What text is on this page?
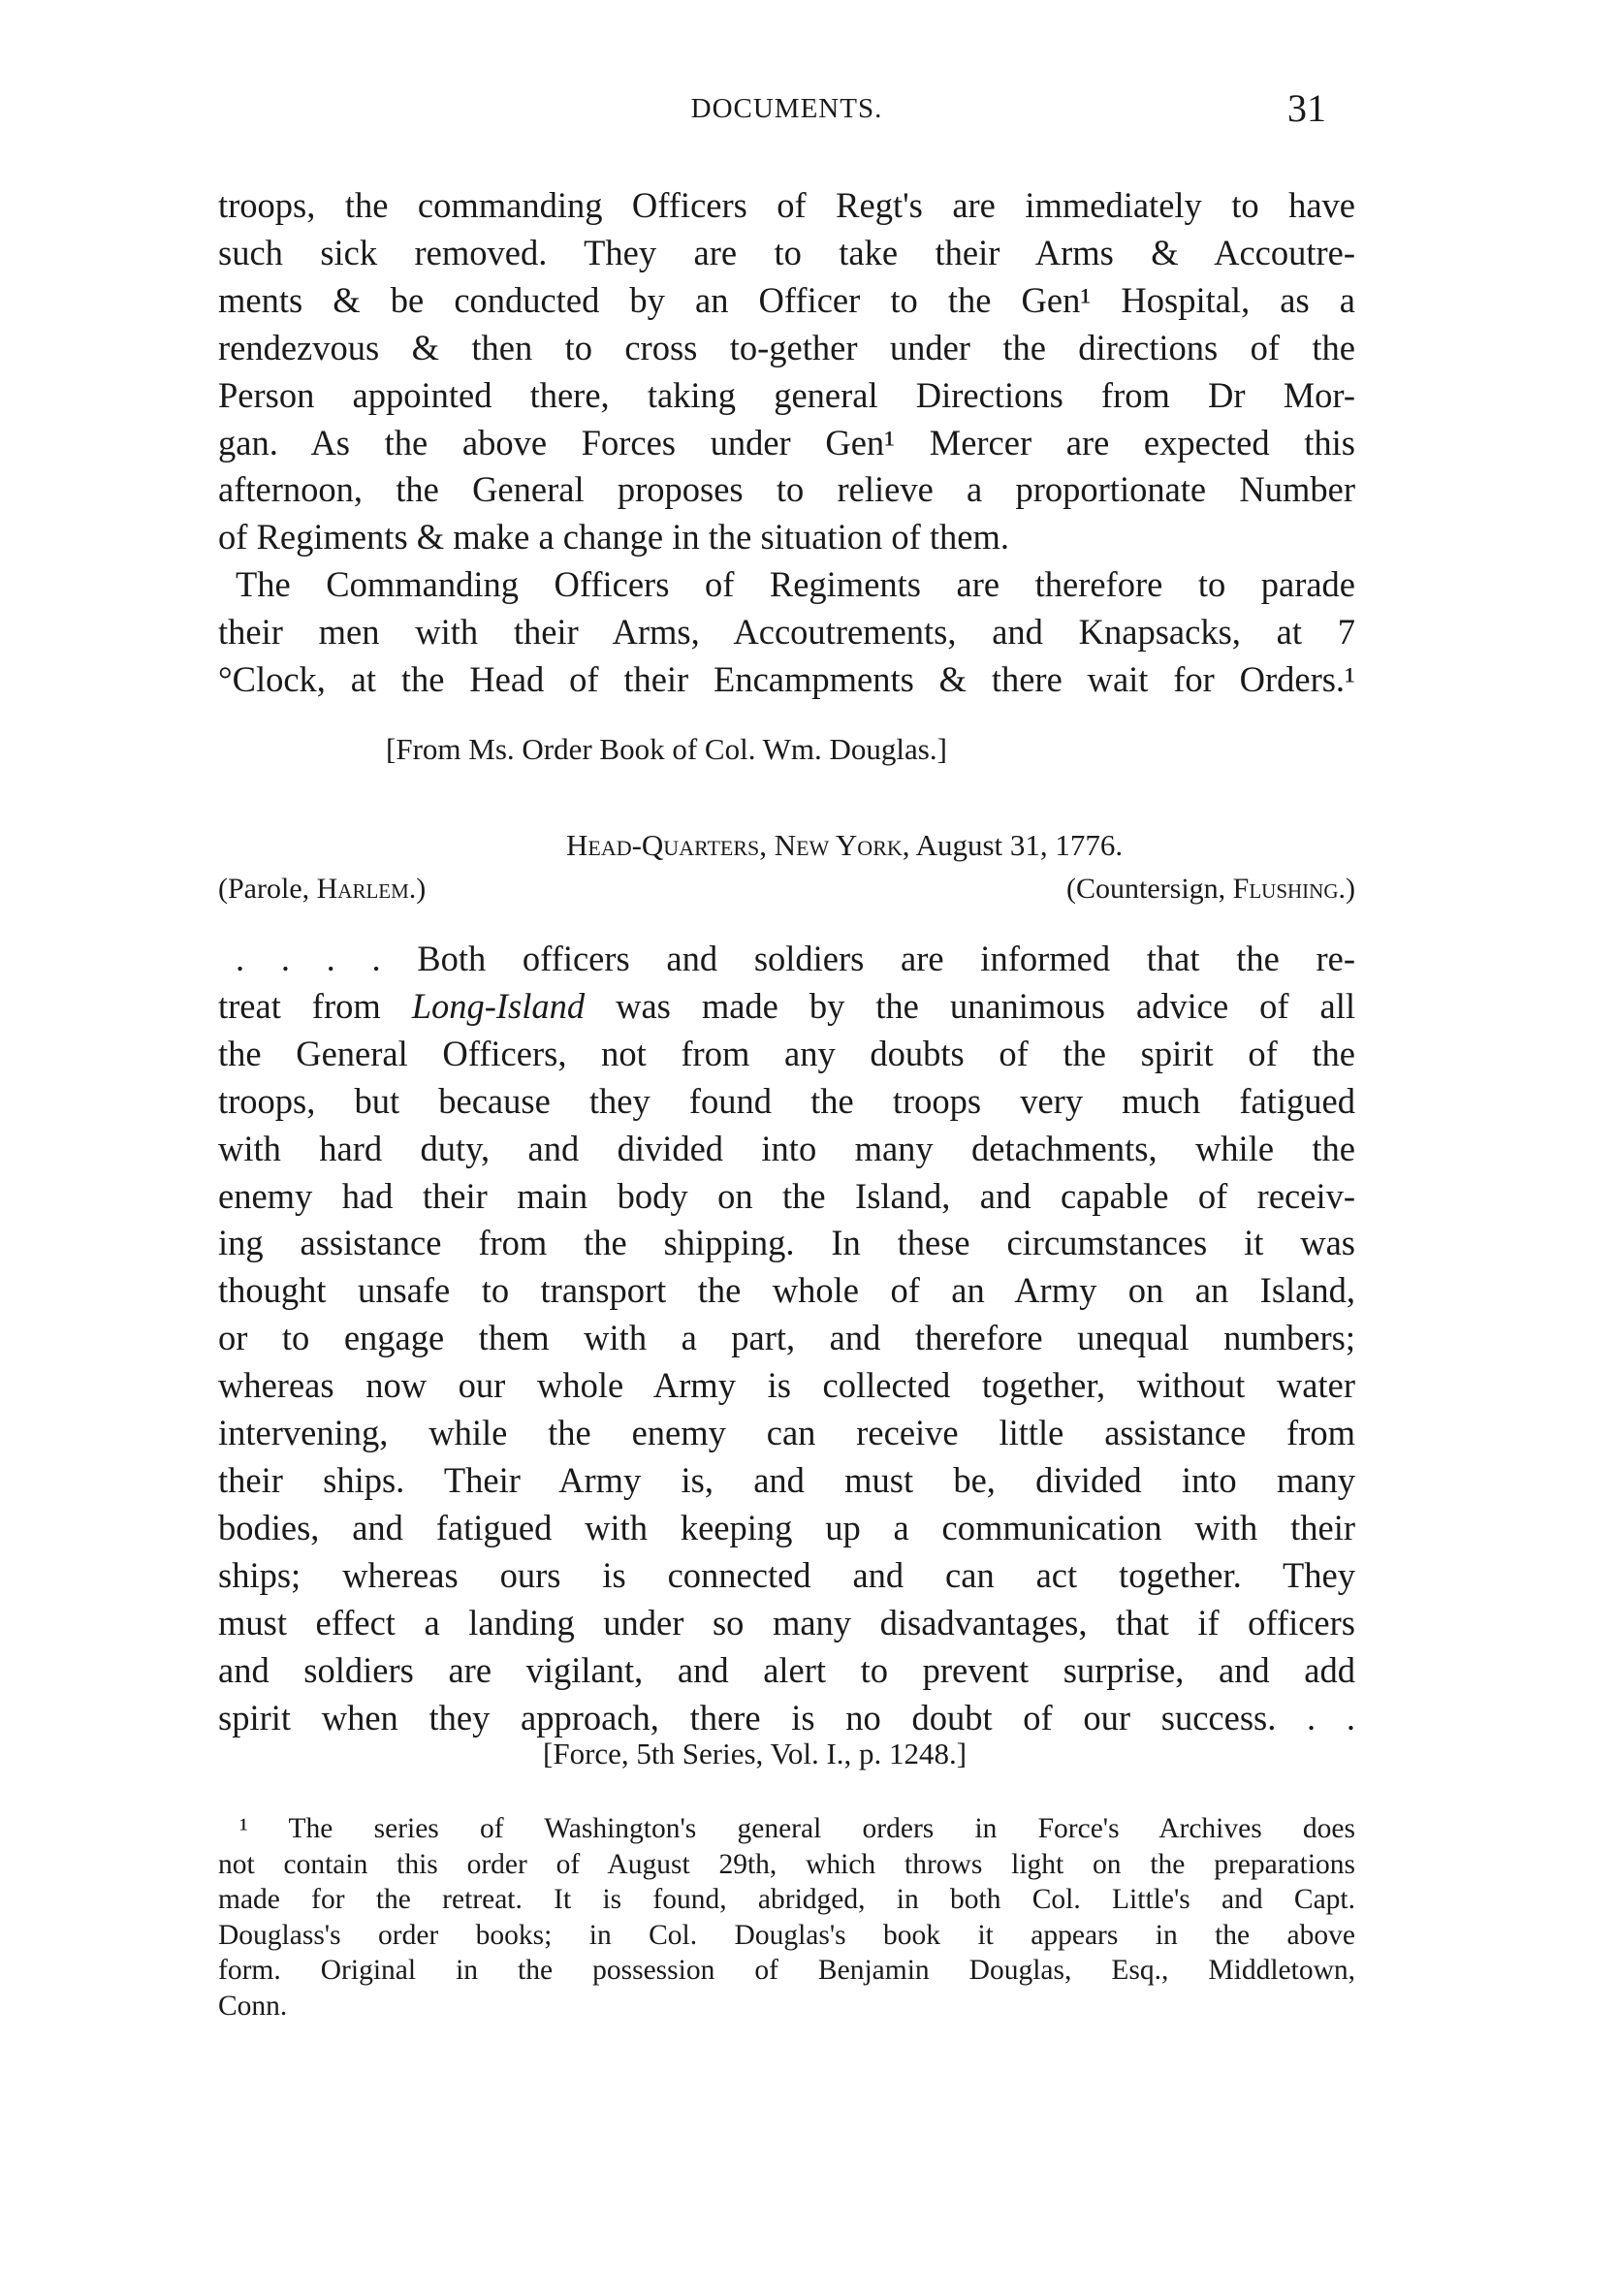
DOCUMENTS.	31
troops, the commanding Officers of Regt's are immediately to have
such sick removed. They are to take their Arms & Accoutre-
ments & be conducted by an Officer to the Gen¹ Hospital, as a
rendezvous & then to cross to-gether under the directions of the
Person appointed there, taking general Directions from Dr Mor-
gan. As the above Forces under Gen¹ Mercer are expected this
afternoon, the General proposes to relieve a proportionate Number
of Regiments & make a change in the situation of them.
The Commanding Officers of Regiments are therefore to parade
their men with their Arms, Accoutrements, and Knapsacks, at 7
°Clock, at the Head of their Encampments & there wait for Orders.¹
[From Ms. Order Book of Col. Wm. Douglas.]
Head-Quarters, New York, August 31, 1776.
(Parole, Harlem.)	(Countersign, Flushing.)
. . . . Both officers and soldiers are informed that the re-
treat from Long-Island was made by the unanimous advice of all
the General Officers, not from any doubts of the spirit of the
troops, but because they found the troops very much fatigued
with hard duty, and divided into many detachments, while the
enemy had their main body on the Island, and capable of receiv-
ing assistance from the shipping. In these circumstances it was
thought unsafe to transport the whole of an Army on an Island,
or to engage them with a part, and therefore unequal numbers;
whereas now our whole Army is collected together, without water
intervening, while the enemy can receive little assistance from
their ships. Their Army is, and must be, divided into many
bodies, and fatigued with keeping up a communication with their
ships; whereas ours is connected and can act together. They
must effect a landing under so many disadvantages, that if officers
and soldiers are vigilant, and alert to prevent surprise, and add
spirit when they approach, there is no doubt of our success. . .
[Force, 5th Series, Vol. I., p. 1248.]
¹ The series of Washington's general orders in Force's Archives does
not contain this order of August 29th, which throws light on the preparations
made for the retreat. It is found, abridged, in both Col. Little's and Capt.
Douglass's order books; in Col. Douglas's book it appears in the above
form. Original in the possession of Benjamin Douglas, Esq., Middletown,
Conn.
